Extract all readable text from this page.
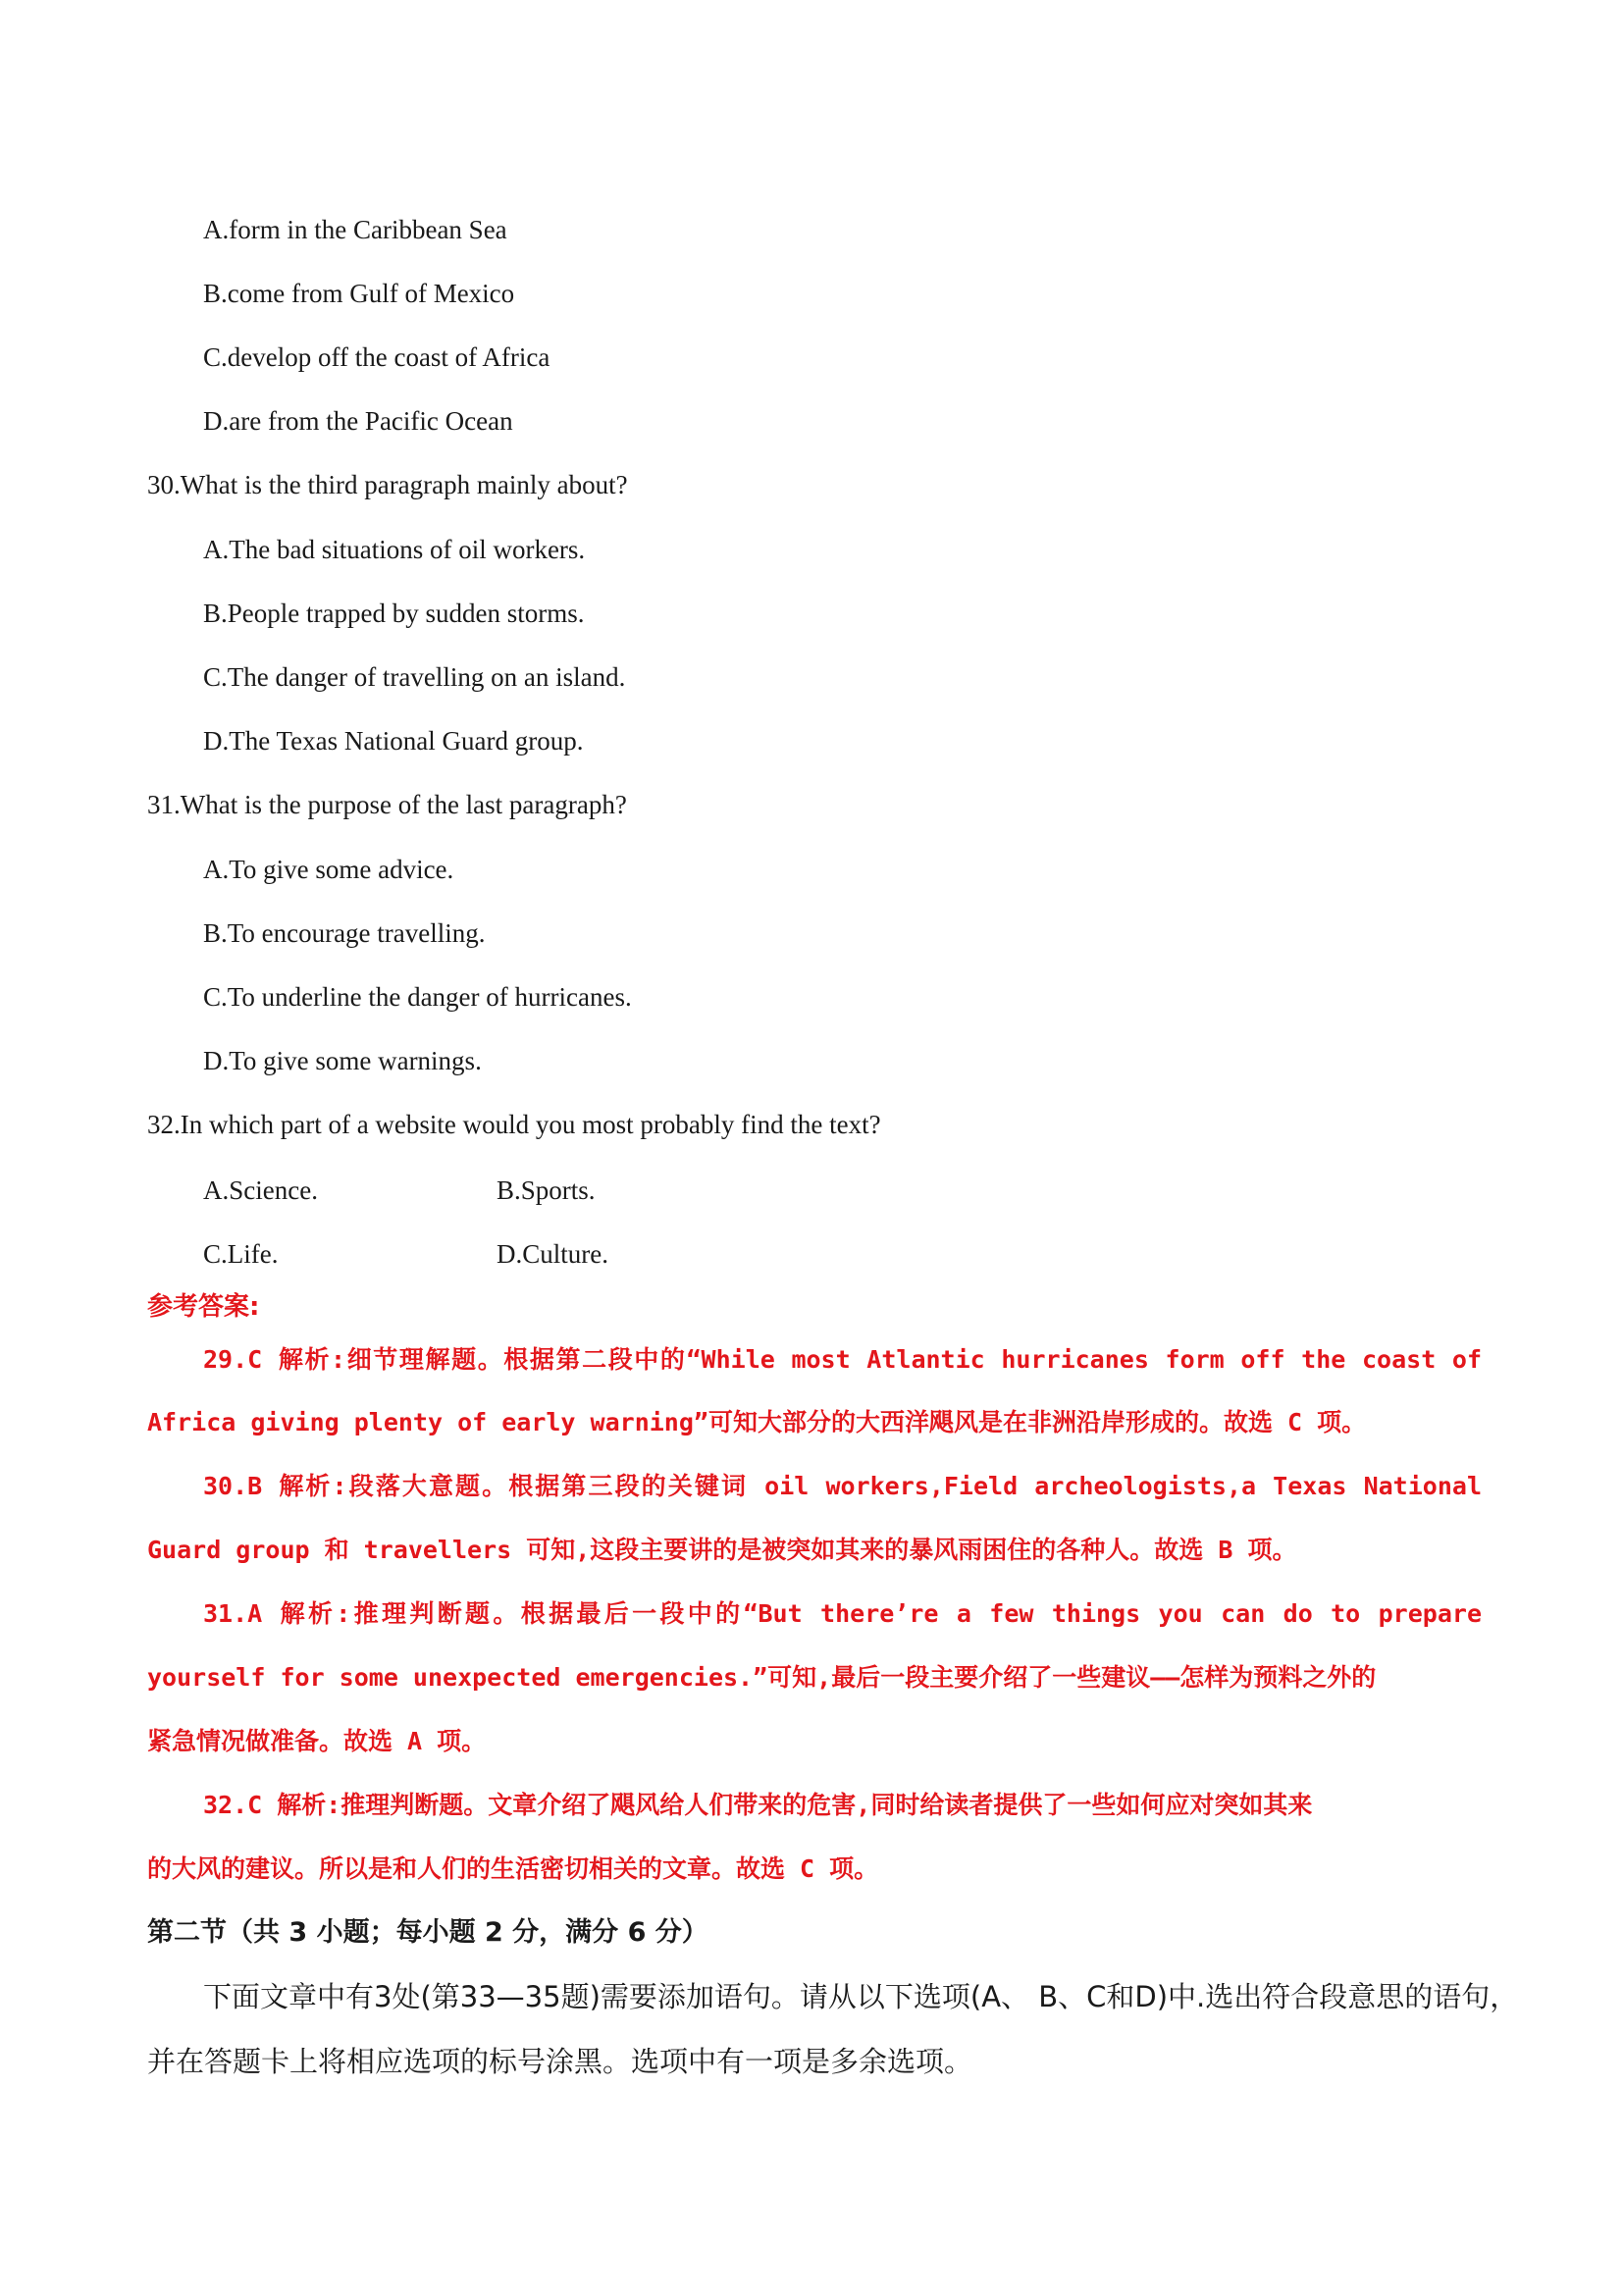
A.form in the Caribbean Sea
B.come from Gulf of Mexico
C.develop off the coast of Africa
D.are from the Pacific Ocean
30.What is the third paragraph mainly about?
A.The bad situations of oil workers.
B.People trapped by sudden storms.
C.The danger of travelling on an island.
D.The Texas National Guard group.
31.What is the purpose of the last paragraph?
A.To give some advice.
B.To encourage travelling.
C.To underline the danger of hurricanes.
D.To give some warnings.
32.In which part of a website would you most probably find the text?
A.Science.	B.Sports.
C.Life.	D.Culture.
参考答案:
29.C 解析:细节理解题。根据第二段中的“While most Atlantic hurricanes form off the coast of
Africa giving plenty of early warning”可知大部分的大西洋飓风是在非洲沿岸形成的。故选 C 项。
30.B 解析:段落大意题。根据第三段的关键词 oil workers,Field archeologists,a Texas National
Guard group 和 travellers 可知,这段主要讲的是被突如其来的暴风雨困住的各种人。故选 B 项。
31.A 解析:推理判断题。根据最后一段中的“But there’re a few things you can do to prepare
yourself for some unexpected emergencies.”可知,最后一段主要介绍了一些建议——怎样为预料之外的
紧急情况做准备。故选 A 项。
32.C 解析:推理判断题。文章介绍了飓风给人们带来的危害,同时给读者提供了一些如何应对突如其来
的大风的建议。所以是和人们的生活密切相关的文章。故选 C 项。
第二节（共 3 小题；每小题 2 分，满分 6 分）
下面文章中有3处(第33—35题)需要添加语句。请从以下选项(A、 B、C和D)中.选出符合段意思的语句，
并在答题卡上将相应选项的标号涂黑。选项中有一项是多余选项。
